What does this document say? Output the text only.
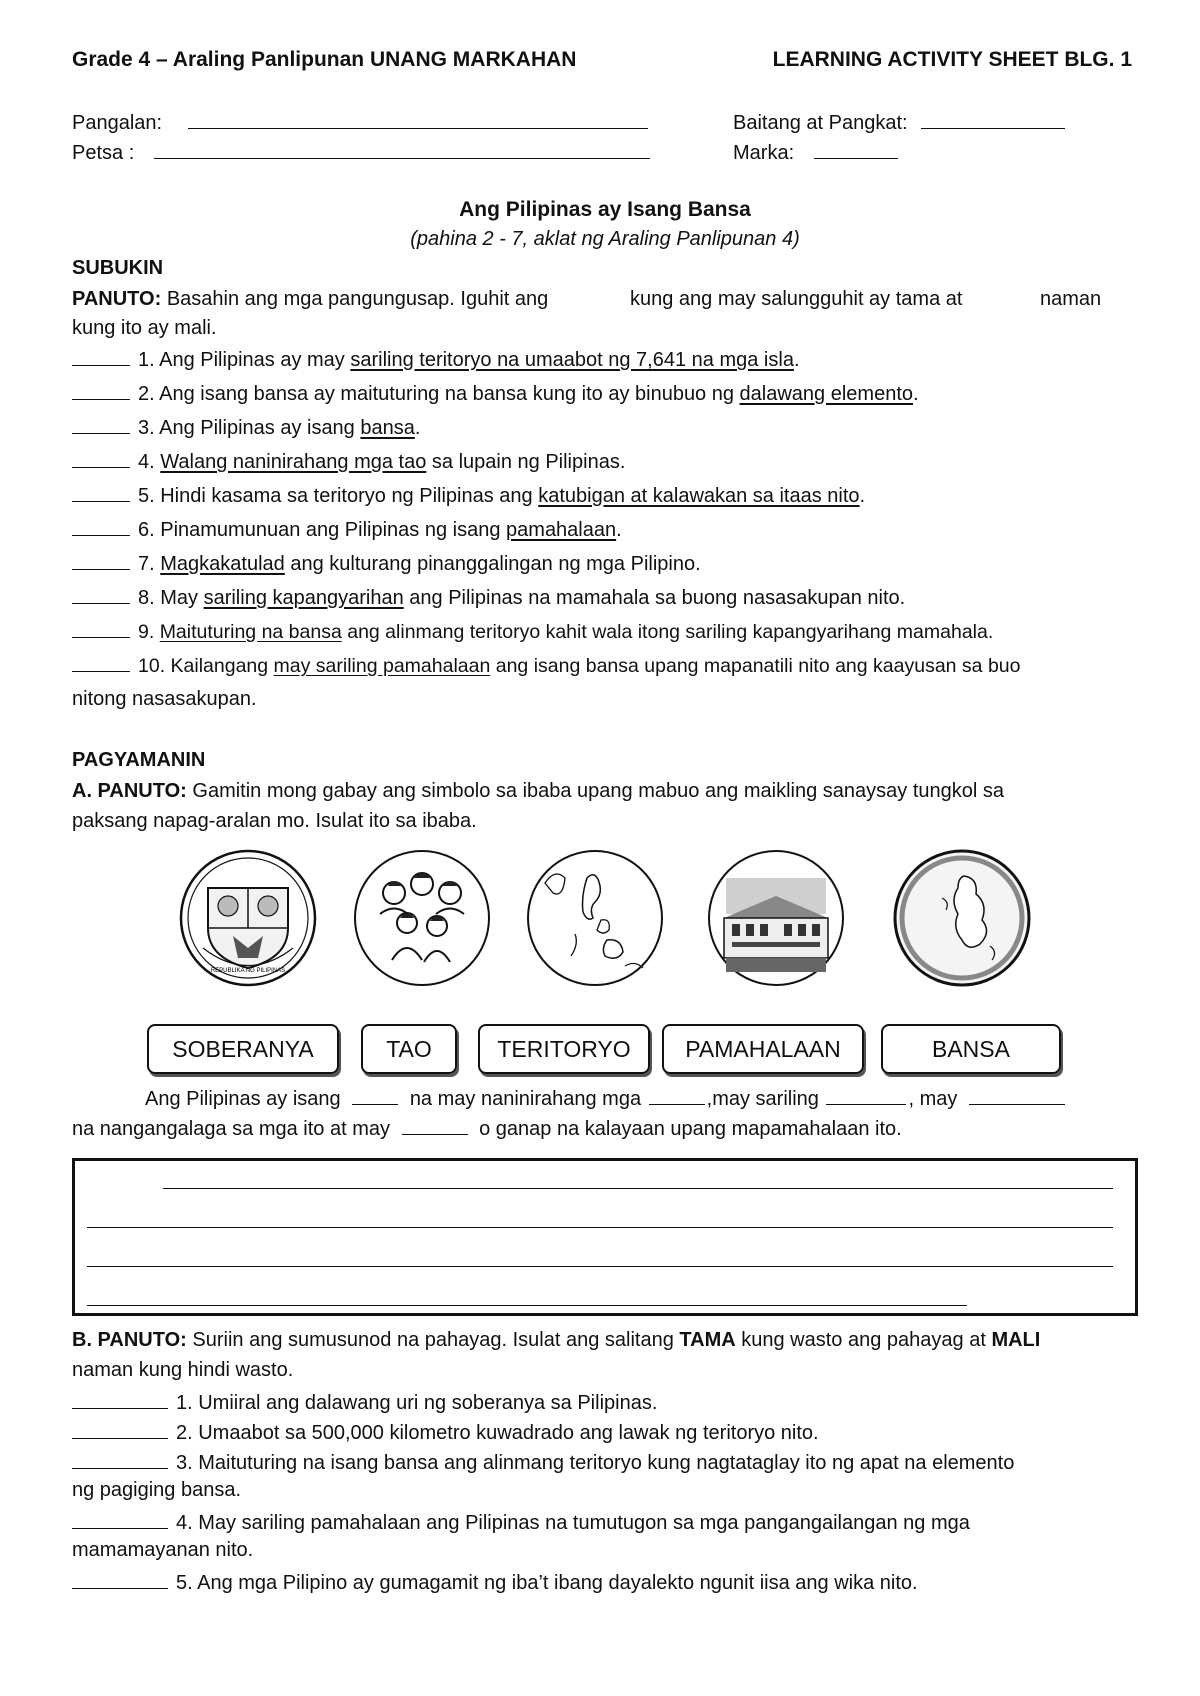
Grade 4 – Araling Panlipunan UNANG MARKAHAN	LEARNING ACTIVITY SHEET BLG. 1
Pangalan:
Petsa :
Baitang at Pangkat:
Marka:
Ang Pilipinas ay Isang Bansa
(pahina 2 - 7, aklat ng Araling Panlipunan 4)
SUBUKIN
PANUTO: Basahin ang mga pangungusap. Iguhit ang	kung ang may salungguhit ay tama at	naman
kung ito ay mali.
1. Ang Pilipinas ay may sariling teritoryo na umaabot ng 7,641 na mga isla.
2. Ang isang bansa ay maituturing na bansa kung ito ay binubuo ng dalawang elemento.
3. Ang Pilipinas ay isang bansa.
4. Walang naninirahang mga tao sa lupain ng Pilipinas.
5. Hindi kasama sa teritoryo ng Pilipinas ang katubigan at kalawakan sa itaas nito.
6. Pinamumunuan ang Pilipinas ng isang pamahalaan.
7. Magkakatulad ang kulturang pinanggalingan ng mga Pilipino.
8. May sariling kapangyarihan ang Pilipinas na mamahala sa buong nasasakupan nito.
9. Maituturing na bansa ang alinmang teritoryo kahit wala itong sariling kapangyarihang mamahala.
10. Kailangang may sariling pamahalaan ang isang bansa upang mapanatili nito ang kaayusan sa buo
nitong nasasakupan.
PAGYAMANIN
A. PANUTO: Gamitin mong gabay ang simbolo sa ibaba upang mabuo ang maikling sanaysay tungkol sa
paksang napag-aralan mo. Isulat ito sa ibaba.
REPUBLIKA NG PILIPINAS
SOBERANYA	TAO	TERITORYO	PAMAHALAAN	BANSA
Ang Pilipinas ay isang	na may naninirahang mga	,may sariling	, may
na nangangalaga sa mga ito at may	o ganap na kalayaan upang mapamahalaan ito.
B. PANUTO: Suriin ang sumusunod na pahayag. Isulat ang salitang TAMA kung wasto ang pahayag at MALI
naman kung hindi wasto.
1. Umiiral ang dalawang uri ng soberanya sa Pilipinas.
2. Umaabot sa 500,000 kilometro kuwadrado ang lawak ng teritoryo nito.
3. Maituturing na isang bansa ang alinmang teritoryo kung nagtataglay ito ng apat na elemento
ng pagiging bansa.
4. May sariling pamahalaan ang Pilipinas na tumutugon sa mga pangangailangan ng mga
mamamayanan nito.
5. Ang mga Pilipino ay gumagamit ng iba’t ibang dayalekto ngunit iisa ang wika nito.
